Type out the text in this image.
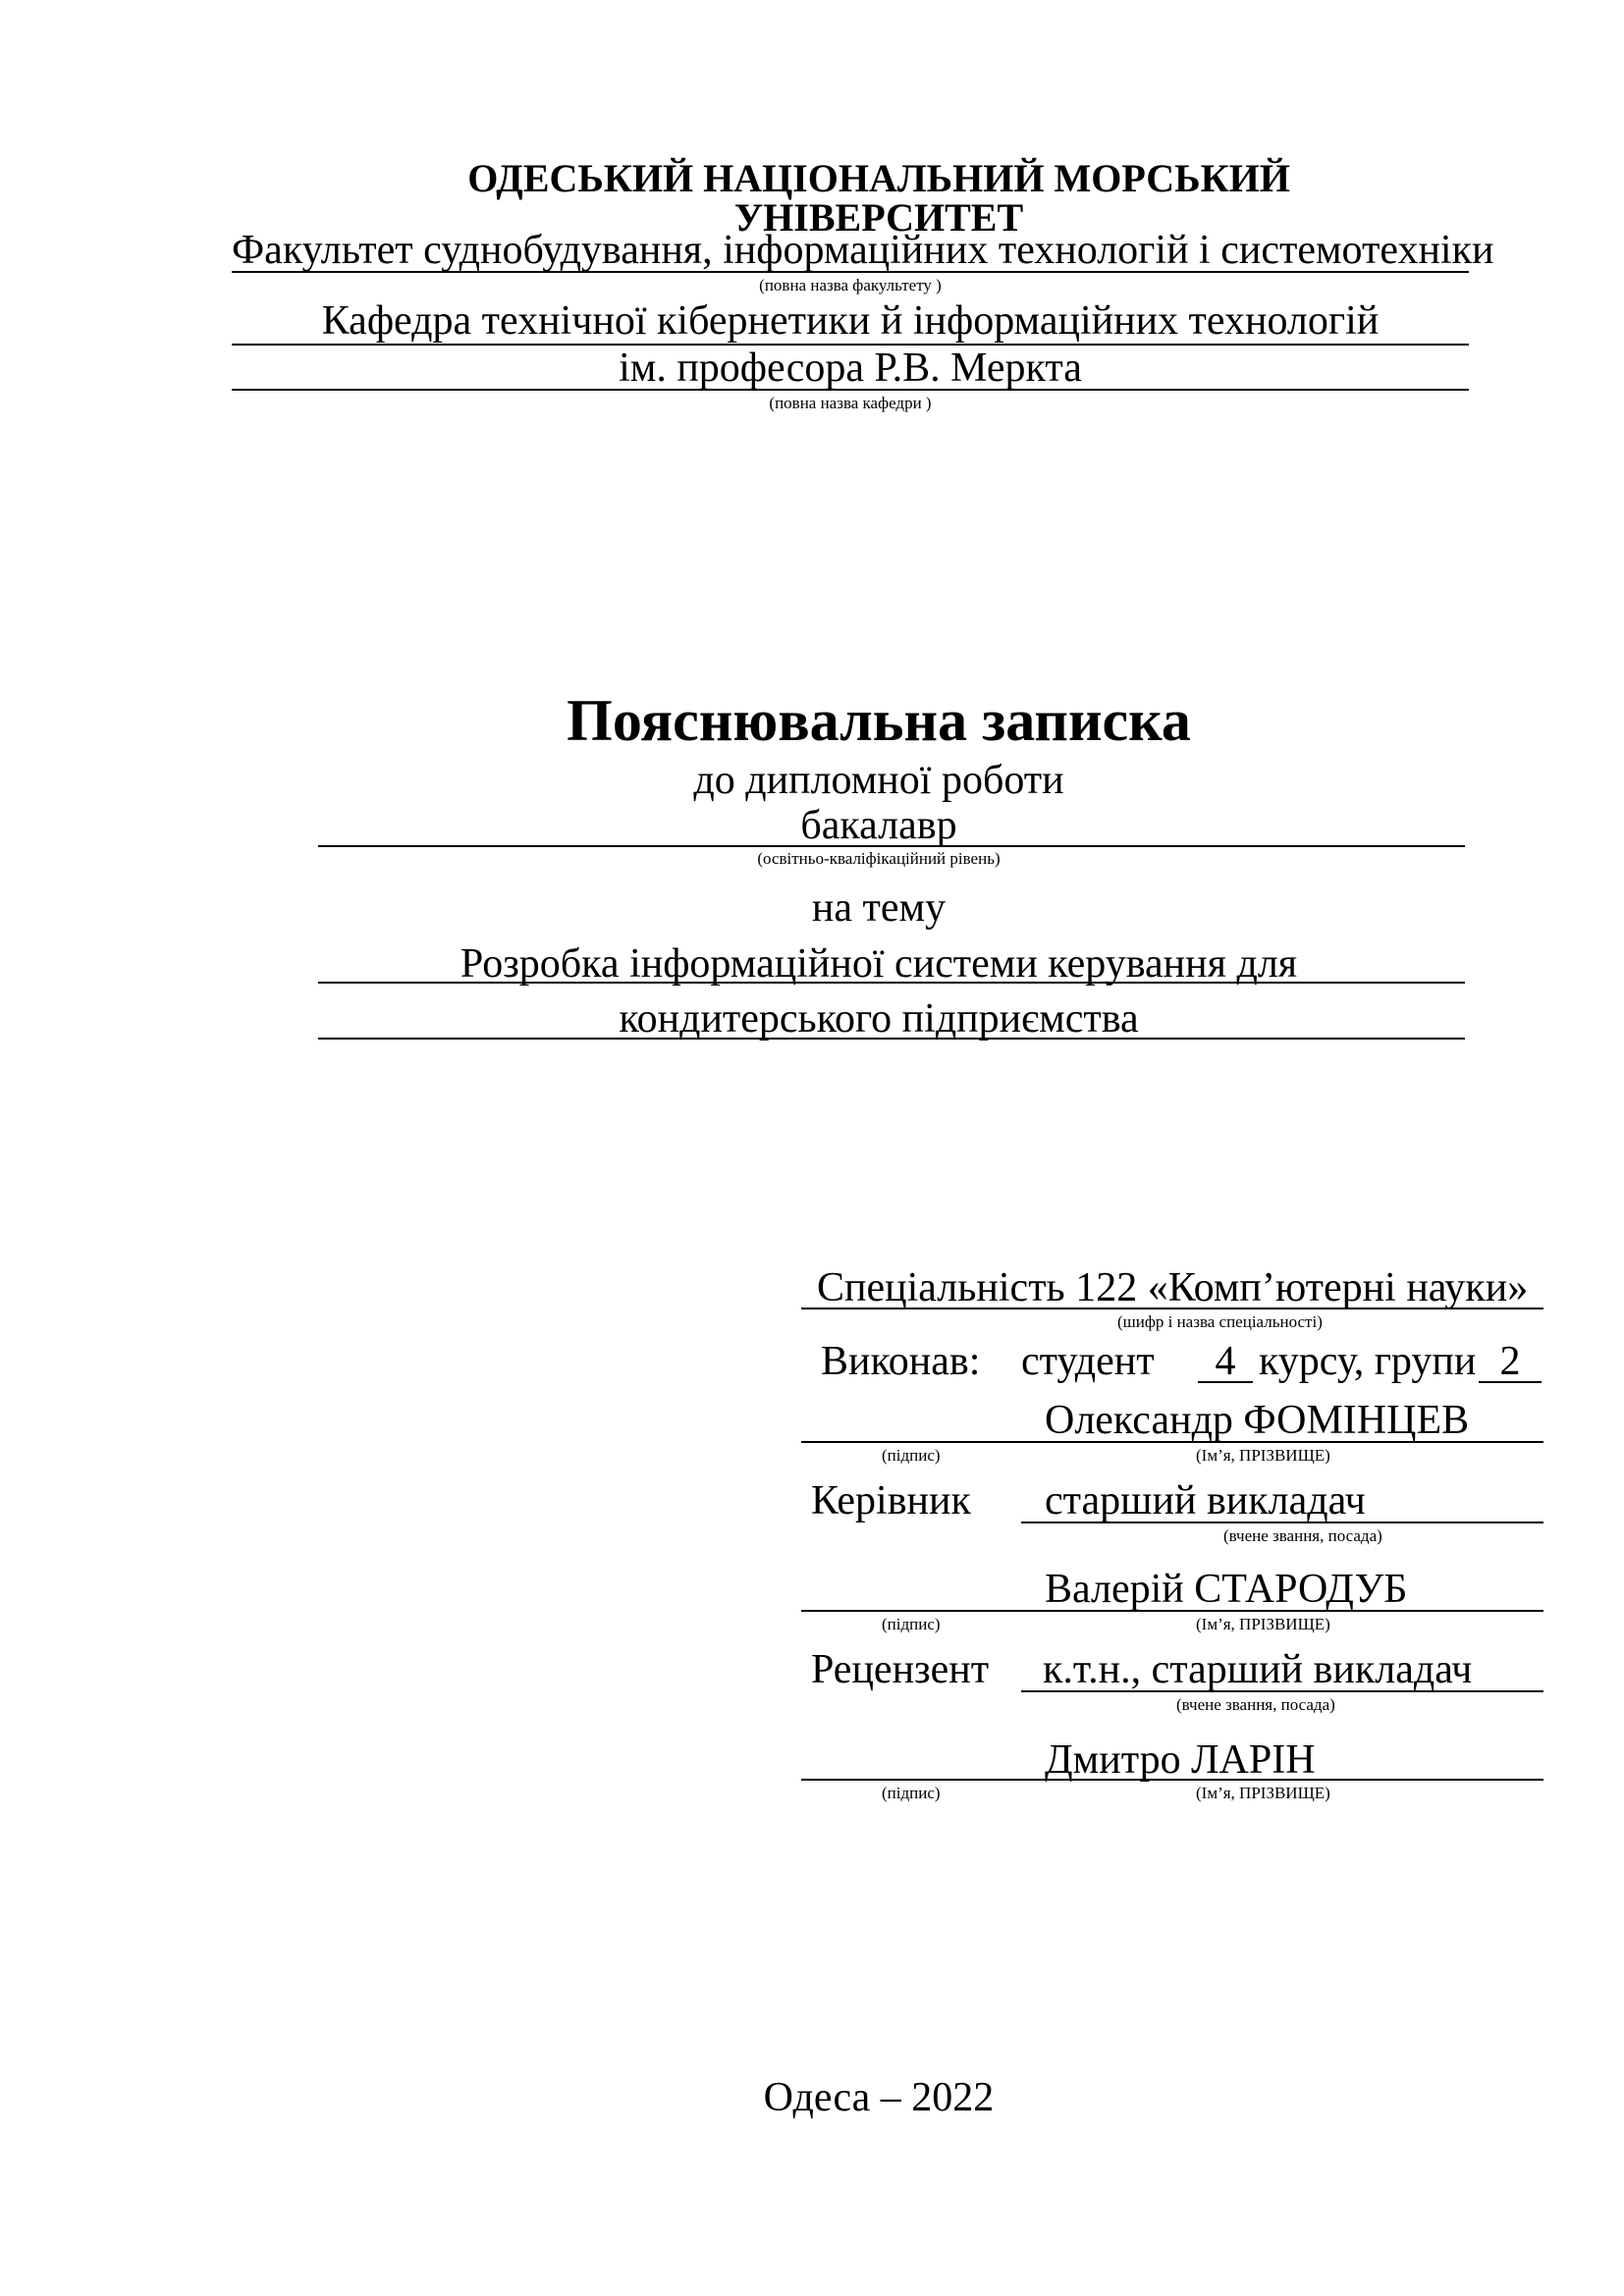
ОДЕСЬКИЙ НАЦІОНАЛЬНИЙ МОРСЬКИЙ УНІВЕРСИТЕТ
Факультет суднобудування, інформаційних технологій і системотехніки
(повна назва факультету )
Кафедра технічної кібернетики й інформаційних технологій
ім. професора Р.В. Меркта
(повна назва кафедри )
Пояснювальна записка
до дипломної роботи
бакалавр
(освітньо-кваліфікаційний рівень)
на тему
Розробка інформаційної системи керування для
кондитерського підприємства
Спеціальність 122 «Комп’ютерні науки»
(шифр і назва спеціальності)
Виконав: студент	4 курсу, групи 2
Олександр ФОМІНЦЕВ
(підпис)	(Ім’я, ПРІЗВИЩЕ)
Керівник старший викладач
(вчене звання, посада)
Валерій СТАРОДУБ
(підпис)	(Ім’я, ПРІЗВИЩЕ)
Рецензент к.т.н., старший викладач
(вчене звання, посада)
Дмитро ЛАРІН
(підпис)	(Ім’я, ПРІЗВИЩЕ)
Одеса – 2022
